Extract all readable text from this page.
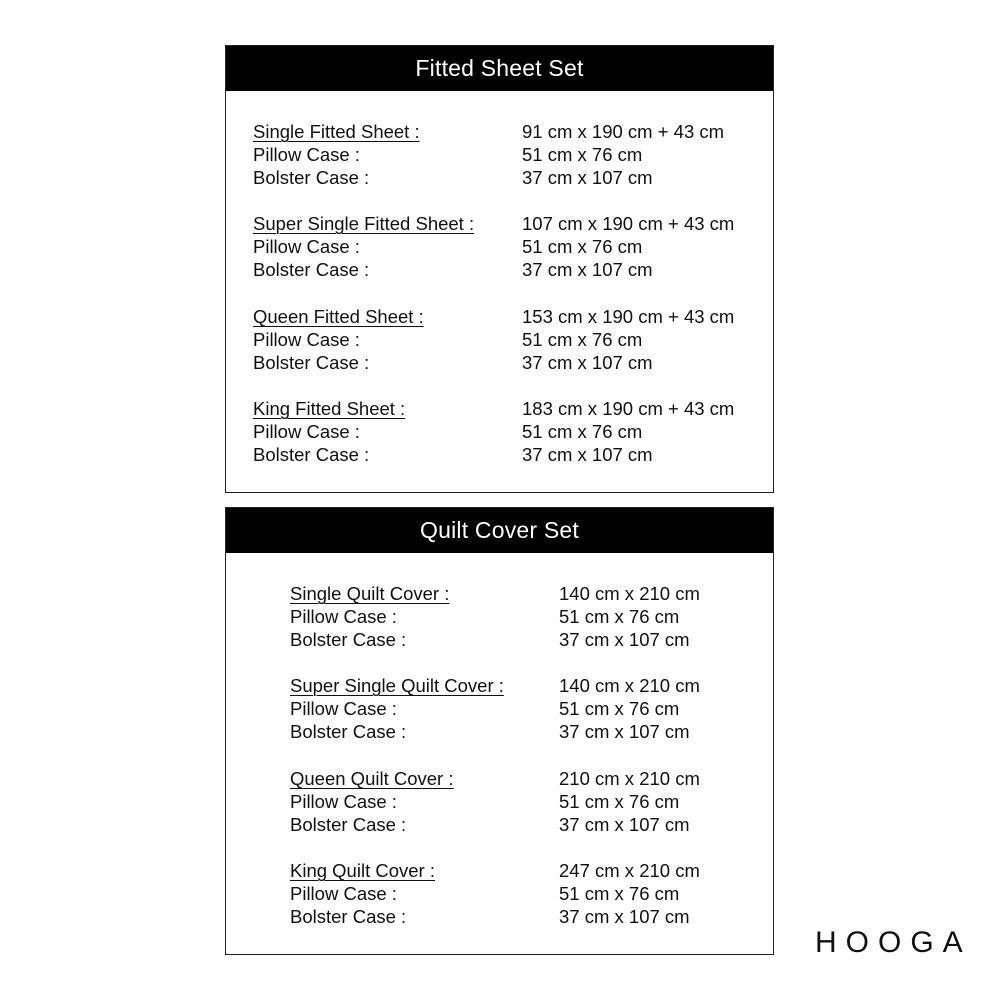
Fitted Sheet Set
Single Fitted Sheet :	91 cm x 190 cm + 43 cm
Pillow Case :	51 cm x 76 cm
Bolster Case :	37 cm x 107 cm
Super Single Fitted Sheet :	107 cm x 190 cm + 43 cm
Pillow Case :	51 cm x 76 cm
Bolster Case :	37 cm x 107 cm
Queen Fitted Sheet :	153 cm x 190 cm + 43 cm
Pillow Case :	51 cm x 76 cm
Bolster Case :	37 cm x 107 cm
King Fitted Sheet :	183 cm x 190 cm + 43 cm
Pillow Case :	51 cm x 76 cm
Bolster Case :	37 cm x 107 cm
Quilt Cover Set
Single Quilt Cover :	140 cm x 210 cm
Pillow Case :	51 cm x 76 cm
Bolster Case :	37 cm x 107 cm
Super Single Quilt Cover :	140 cm x 210 cm
Pillow Case :	51 cm x 76 cm
Bolster Case :	37 cm x 107 cm
Queen Quilt Cover :	210 cm x 210 cm
Pillow Case :	51 cm x 76 cm
Bolster Case :	37 cm x 107 cm
King Quilt Cover :	247 cm x 210 cm
Pillow Case :	51 cm x 76 cm
Bolster Case :	37 cm x 107 cm
HOOGA
